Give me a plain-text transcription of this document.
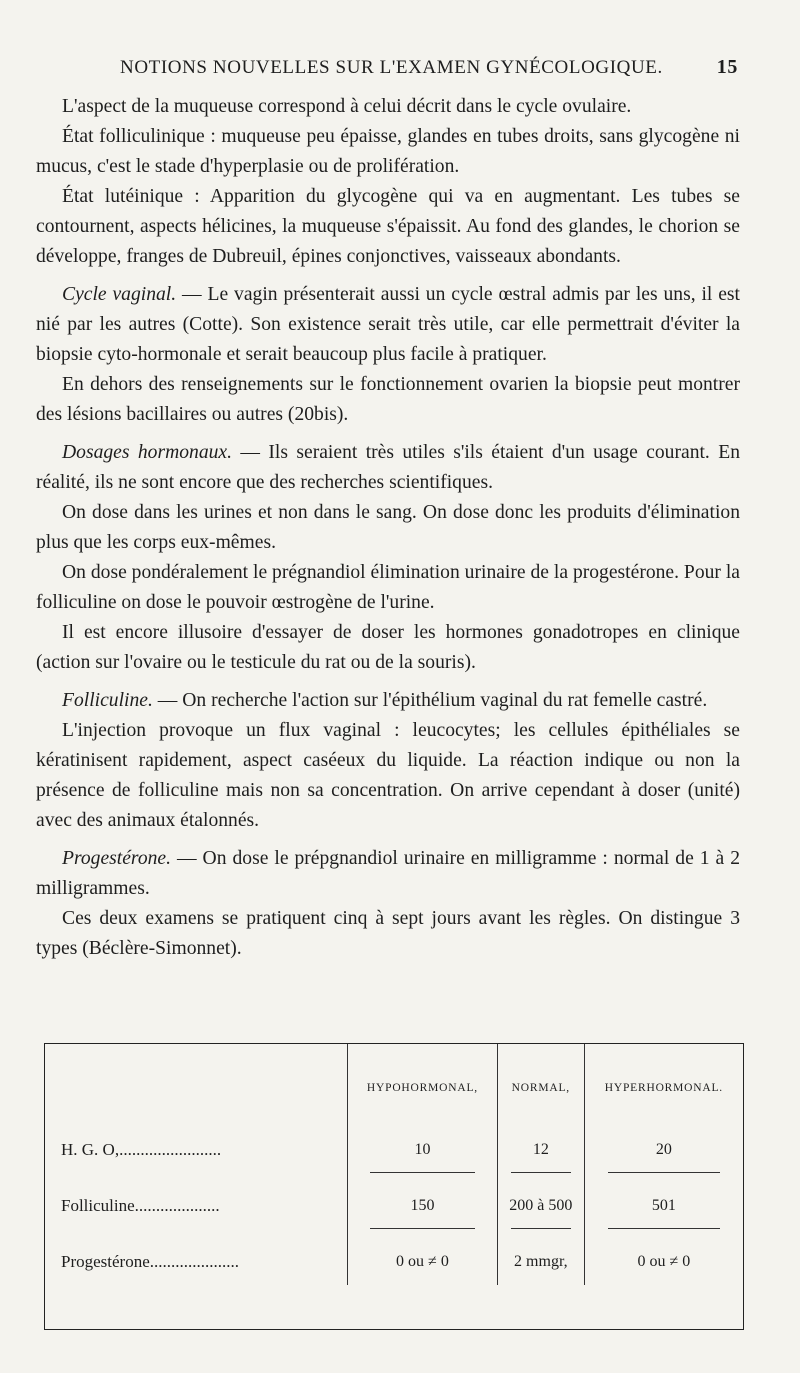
NOTIONS NOUVELLES SUR L'EXAMEN GYNÉCOLOGIQUE.	15

L'aspect de la muqueuse correspond à celui décrit dans le cycle ovulaire.

État folliculinique : muqueuse peu épaisse, glandes en tubes droits, sans glycogène ni mucus, c'est le stade d'hyperplasie ou de prolifération.

État lutéinique : Apparition du glycogène qui va en augmentant. Les tubes se contournent, aspects hélicines, la muqueuse s'épaissit. Au fond des glandes, le chorion se développe, franges de Dubreuil, épines conjonctives, vaisseaux abondants.

Cycle vaginal. — Le vagin présenterait aussi un cycle œstral admis par les uns, il est nié par les autres (Cotte). Son existence serait très utile, car elle permettrait d'éviter la biopsie cyto-hormonale et serait beaucoup plus facile à pratiquer.

En dehors des renseignements sur le fonctionnement ovarien la biopsie peut montrer des lésions bacillaires ou autres (20bis).

Dosages hormonaux. — Ils seraient très utiles s'ils étaient d'un usage courant. En réalité, ils ne sont encore que des recherches scientifiques.

On dose dans les urines et non dans le sang. On dose donc les produits d'élimination plus que les corps eux-mêmes.

On dose pondéralement le prégnandiol élimination urinaire de la progestérone. Pour la folliculine on dose le pouvoir œstrogène de l'urine.

Il est encore illusoire d'essayer de doser les hormones gonadotropes en clinique (action sur l'ovaire ou le testicule du rat ou de la souris).

Folliculine. — On recherche l'action sur l'épithélium vaginal du rat femelle castré.

L'injection provoque un flux vaginal : leucocytes; les cellules épithéliales se kératinisent rapidement, aspect caséeux du liquide. La réaction indique ou non la présence de folliculine mais non sa concentration. On arrive cependant à doser (unité) avec des animaux étalonnés.

Progestérone. — On dose le prépgnandiol urinaire en milligramme : normal de 1 à 2 milligrammes.

Ces deux examens se pratiquent cinq à sept jours avant les règles. On distingue 3 types (Béclère-Simonnet).

	HYPOHORMONAL,	NORMAL,	HYPERHORMONAL.
H. G. O,........................	10	12	20

Folliculine....................	150	200 à 500	501

Progestérone.....................	0 ou ≠ 0	2 mmgr,	0 ou ≠ 0
